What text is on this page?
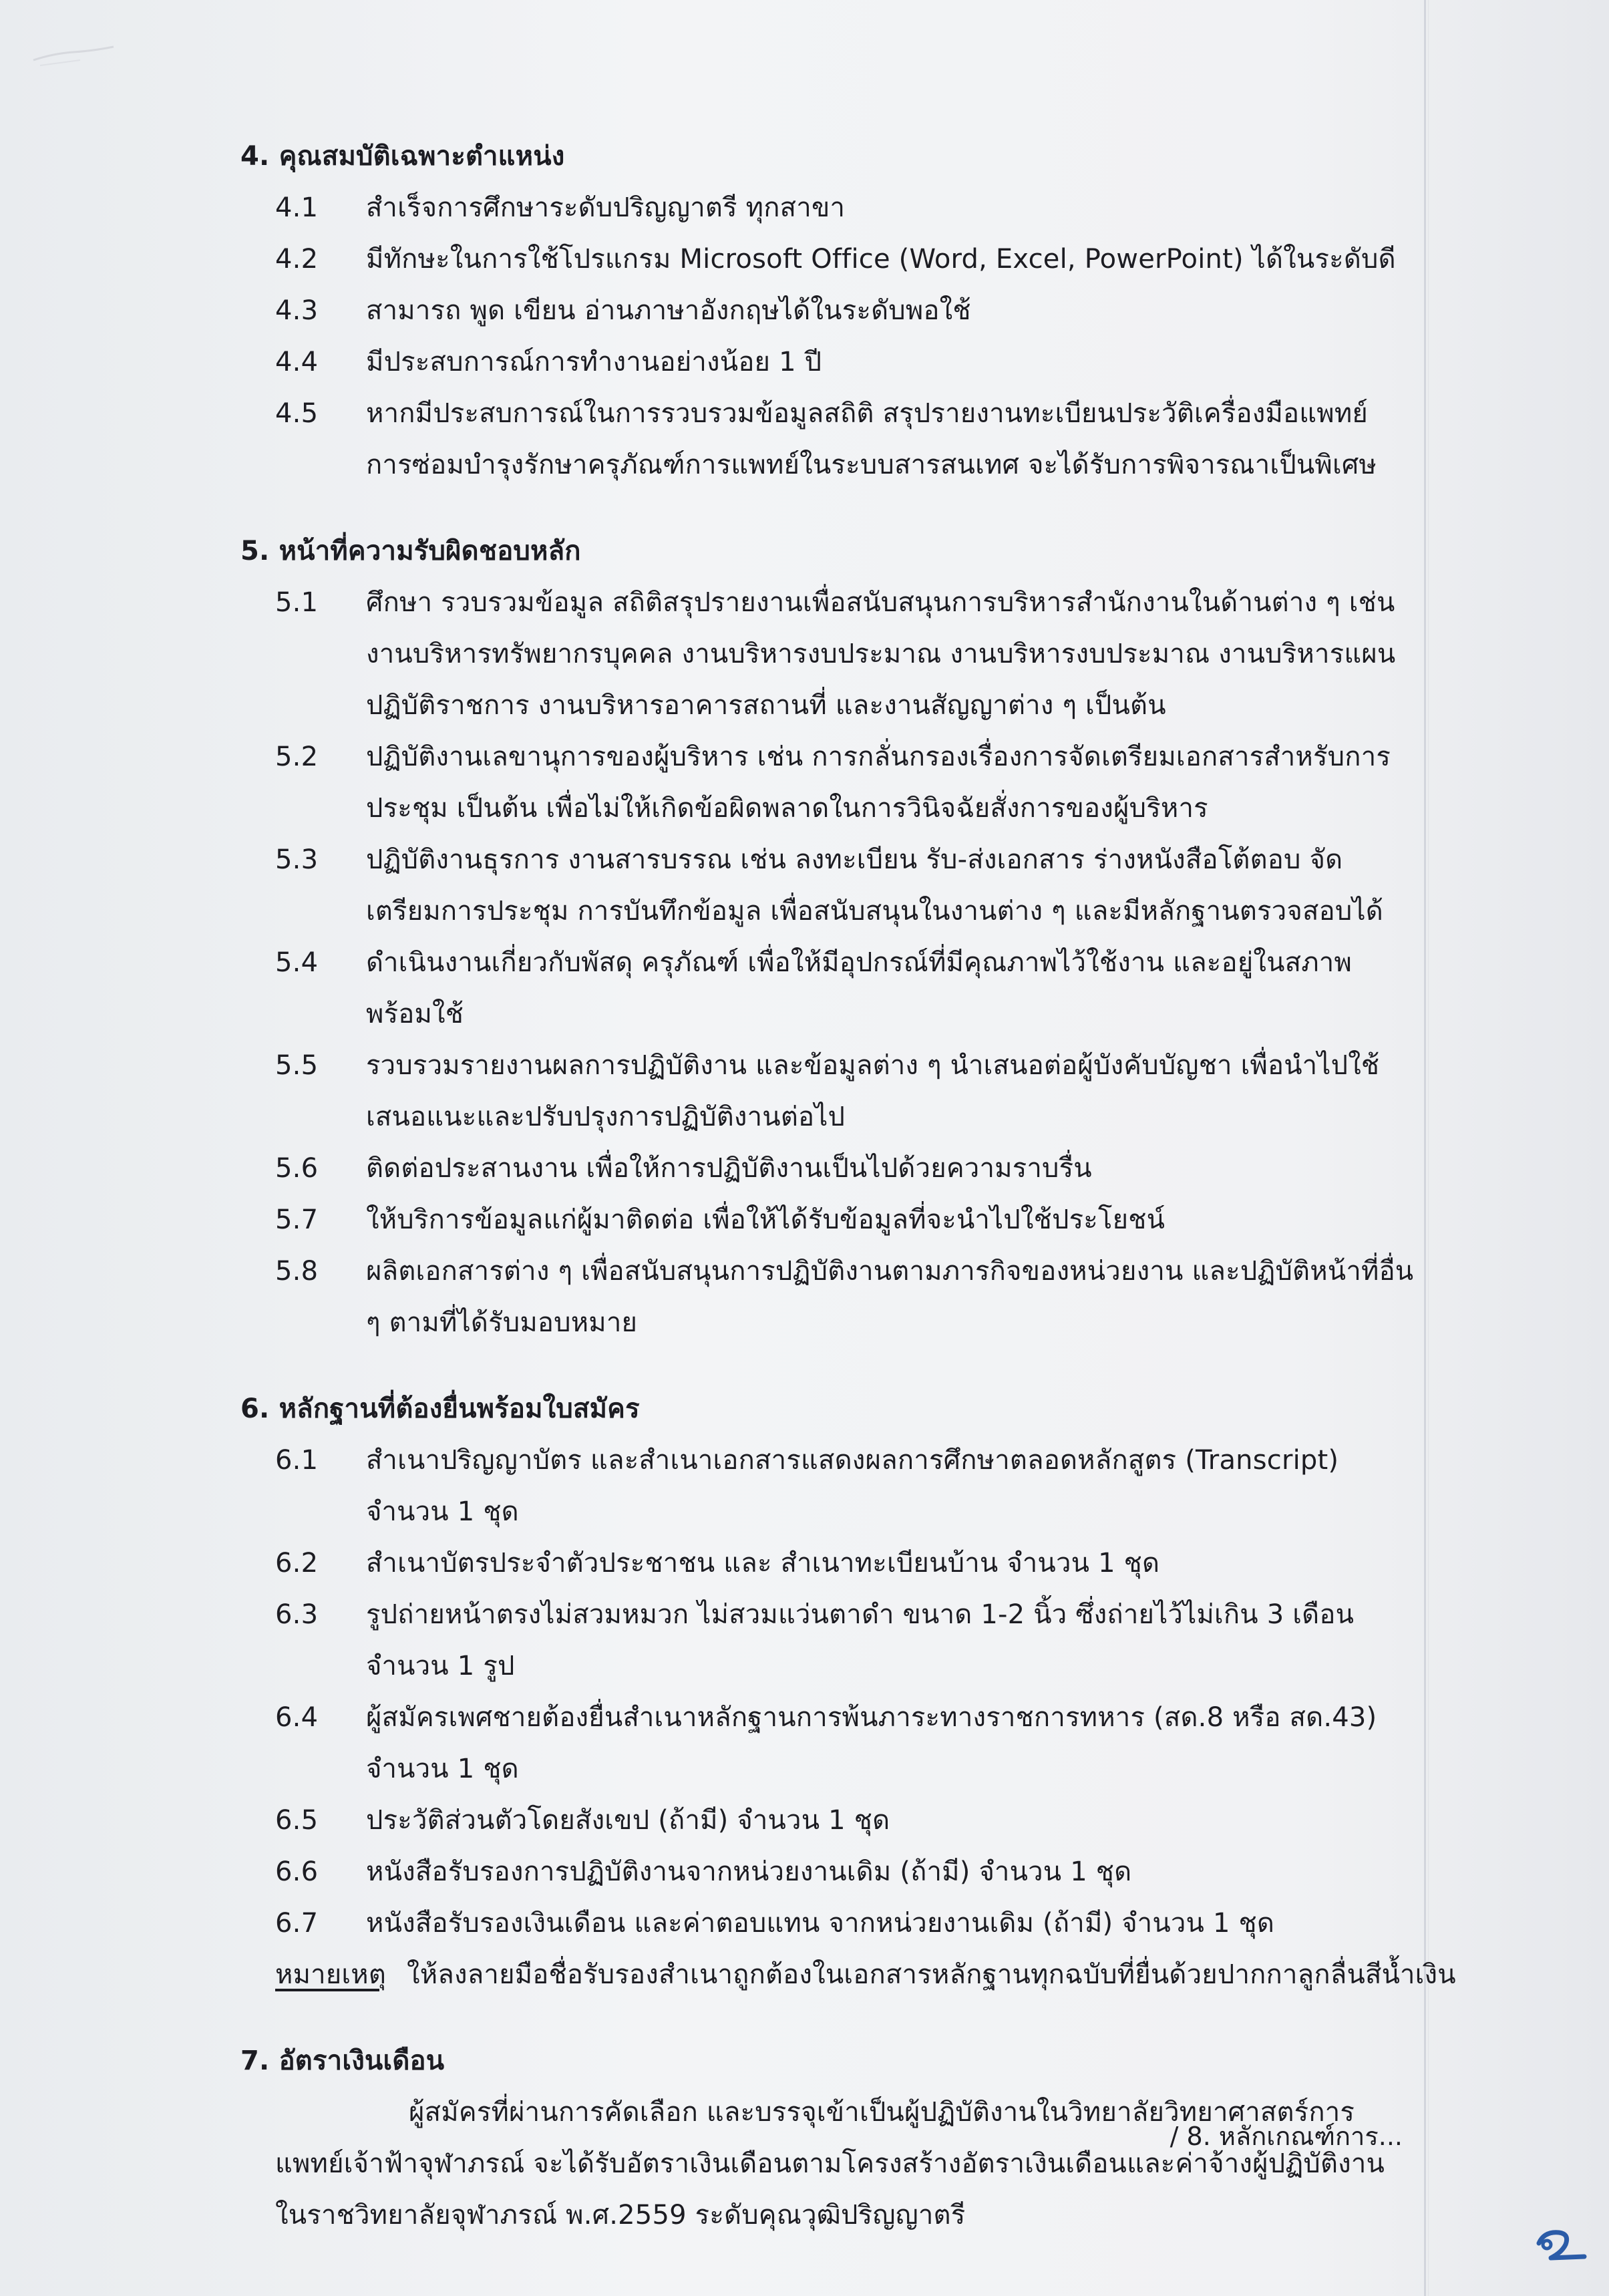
4. คุณสมบัติเฉพาะตำแหน่ง
4.1 สำเร็จการศึกษาระดับปริญญาตรี ทุกสาขา
4.2 มีทักษะในการใช้โปรแกรม Microsoft Office (Word, Excel, PowerPoint) ได้ในระดับดี
4.3 สามารถ พูด เขียน อ่านภาษาอังกฤษได้ในระดับพอใช้
4.4 มีประสบการณ์การทำงานอย่างน้อย 1 ปี
4.5 หากมีประสบการณ์ในการรวบรวมข้อมูลสถิติ สรุปรายงานทะเบียนประวัติเครื่องมือแพทย์ การซ่อมบำรุงรักษาครุภัณฑ์การแพทย์ในระบบสารสนเทศ จะได้รับการพิจารณาเป็นพิเศษ
5. หน้าที่ความรับผิดชอบหลัก
5.1 ศึกษา รวบรวมข้อมูล สถิติสรุปรายงานเพื่อสนับสนุนการบริหารสำนักงานในด้านต่าง ๆ เช่น งานบริหารทรัพยากรบุคคล งานบริหารงบประมาณ งานบริหารงบประมาณ งานบริหารแผนปฏิบัติราชการ งานบริหารอาคารสถานที่ และงานสัญญาต่าง ๆ เป็นต้น
5.2 ปฏิบัติงานเลขานุการของผู้บริหาร เช่น การกลั่นกรองเรื่องการจัดเตรียมเอกสารสำหรับการประชุม เป็นต้น เพื่อไม่ให้เกิดข้อผิดพลาดในการวินิจฉัยสั่งการของผู้บริหาร
5.3 ปฏิบัติงานธุรการ งานสารบรรณ เช่น ลงทะเบียน รับ-ส่งเอกสาร ร่างหนังสือโต้ตอบ จัดเตรียมการประชุม การบันทึกข้อมูล เพื่อสนับสนุนในงานต่าง ๆ และมีหลักฐานตรวจสอบได้
5.4 ดำเนินงานเกี่ยวกับพัสดุ ครุภัณฑ์ เพื่อให้มีอุปกรณ์ที่มีคุณภาพไว้ใช้งาน และอยู่ในสภาพพร้อมใช้
5.5 รวบรวมรายงานผลการปฏิบัติงาน และข้อมูลต่าง ๆ นำเสนอต่อผู้บังคับบัญชา เพื่อนำไปใช้เสนอแนะและปรับปรุงการปฏิบัติงานต่อไป
5.6 ติดต่อประสานงาน เพื่อให้การปฏิบัติงานเป็นไปด้วยความราบรื่น
5.7 ให้บริการข้อมูลแก่ผู้มาติดต่อ เพื่อให้ได้รับข้อมูลที่จะนำไปใช้ประโยชน์
5.8 ผลิตเอกสารต่าง ๆ เพื่อสนับสนุนการปฏิบัติงานตามภารกิจของหน่วยงาน และปฏิบัติหน้าที่อื่น ๆ ตามที่ได้รับมอบหมาย
6. หลักฐานที่ต้องยื่นพร้อมใบสมัคร
6.1 สำเนาปริญญาบัตร และสำเนาเอกสารแสดงผลการศึกษาตลอดหลักสูตร (Transcript) จำนวน 1 ชุด
6.2 สำเนาบัตรประจำตัวประชาชน และ สำเนาทะเบียนบ้าน จำนวน 1 ชุด
6.3 รูปถ่ายหน้าตรงไม่สวมหมวก ไม่สวมแว่นตาดำ ขนาด 1-2 นิ้ว ซึ่งถ่ายไว้ไม่เกิน 3 เดือน จำนวน 1 รูป
6.4 ผู้สมัครเพศชายต้องยื่นสำเนาหลักฐานการพ้นภาระทางราชการทหาร (สด.8 หรือ สด.43) จำนวน 1 ชุด
6.5 ประวัติส่วนตัวโดยสังเขป (ถ้ามี) จำนวน 1 ชุด
6.6 หนังสือรับรองการปฏิบัติงานจากหน่วยงานเดิม (ถ้ามี) จำนวน 1 ชุด
6.7 หนังสือรับรองเงินเดือน และค่าตอบแทน จากหน่วยงานเดิม (ถ้ามี) จำนวน 1 ชุด
หมายเหตุ ให้ลงลายมือชื่อรับรองสำเนาถูกต้องในเอกสารหลักฐานทุกฉบับที่ยื่นด้วยปากกาลูกลื่นสีน้ำเงิน
7. อัตราเงินเดือน
ผู้สมัครที่ผ่านการคัดเลือก และบรรจุเข้าเป็นผู้ปฏิบัติงานในวิทยาลัยวิทยาศาสตร์การแพทย์เจ้าฟ้าจุฬาภรณ์ จะได้รับอัตราเงินเดือนตามโครงสร้างอัตราเงินเดือนและค่าจ้างผู้ปฏิบัติงานในราชวิทยาลัยจุฬาภรณ์ พ.ศ.2559 ระดับคุณวุฒิปริญญาตรี
/ 8. หลักเกณฑ์การ...
